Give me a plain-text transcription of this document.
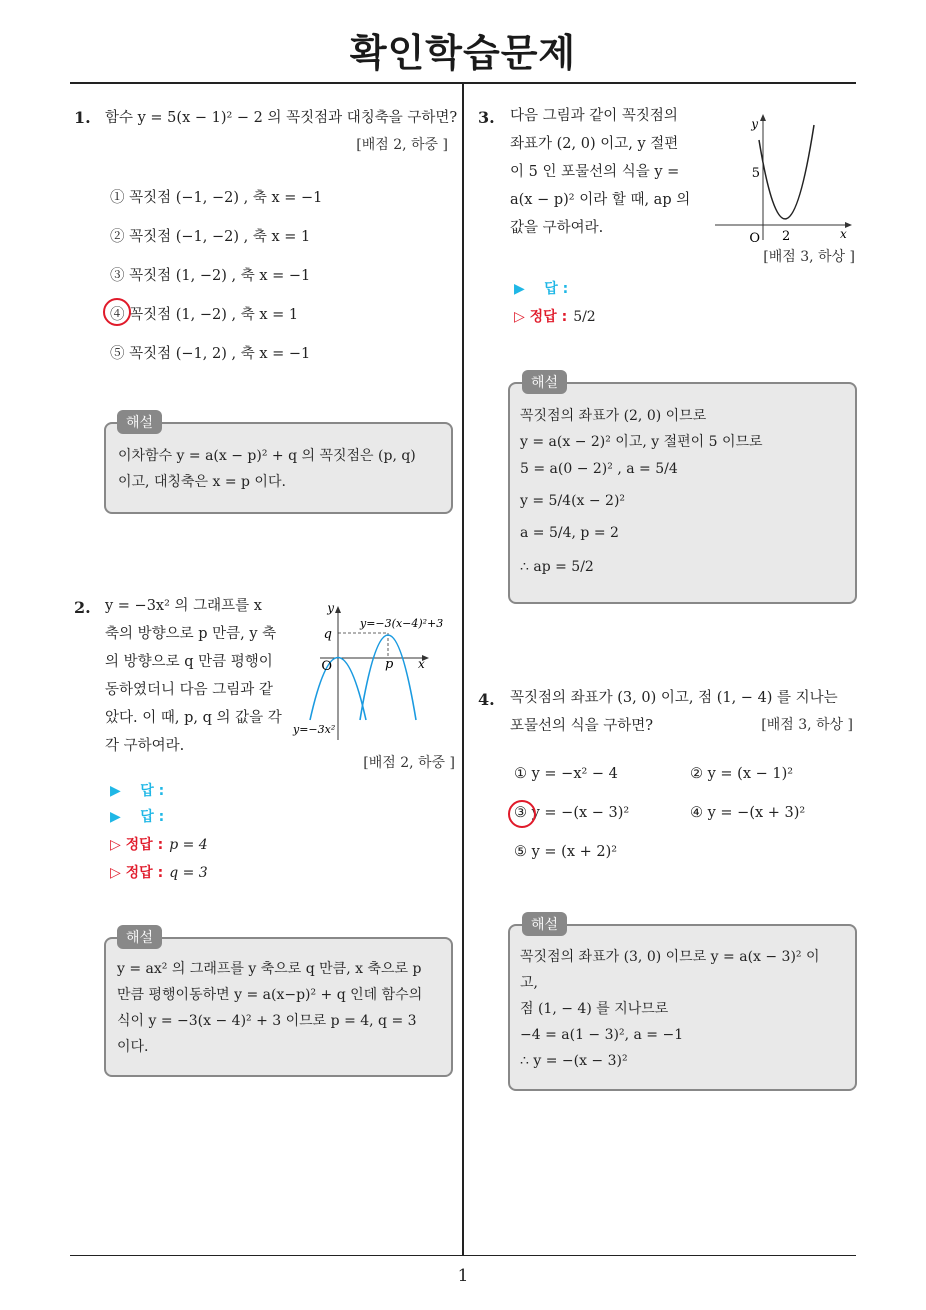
확인학습문제
1
1. 함수 y = 5(x − 1)² − 2 의 꼭짓점과 대칭축을 구하면?
[배점 2, 하중 ]
① 꼭짓점 (−1, −2) , 축 x = −1
② 꼭짓점 (−1, −2) , 축 x = 1
③ 꼭짓점 (1, −2) , 축 x = −1
④ 꼭짓점 (1, −2) , 축 x = 1
⑤ 꼭짓점 (−1, 2) , 축 x = −1
해설
이차함수 y = a(x − p)² + q 의 꼭짓점은 (p, q)
이고, 대칭축은 x = p 이다.
2. y = −3x² 의 그래프를 x
축의 방향으로 p 만큼, y 축
의 방향으로 q 만큼 평행이
동하였더니 다음 그림과 같
았다. 이 때, p, q 의 값을 각
각 구하여라.
y
x
q
O	p
y=−3(x−4)²+3
y=−3x²
[배점 2, 하중 ]
▶ 답 :
▶ 답 :
▷ 정답 : p = 4
▷ 정답 : q = 3
해설
y = ax² 의 그래프를 y 축으로 q 만큼, x 축으로 p
만큼 평행이동하면 y = a(x−p)² + q 인데 함수의
식이 y = −3(x − 4)² + 3 이므로 p = 4, q = 3
이다.
3. 다음 그림과 같이 꼭짓점의
좌표가 (2, 0) 이고, y 절편
이 5 인 포물선의 식을 y =
a(x − p)² 이라 할 때, ap 의
값을 구하여라.
y
x
5
O 2
[배점 3, 하상 ]
▶ 답 :
▷ 정답 : 5/2
해설
꼭짓점의 좌표가 (2, 0) 이므로
y = a(x − 2)² 이고, y 절편이 5 이므로
5 = a(0 − 2)² , a = 5/4
y = 5/4(x − 2)²
a = 5/4, p = 2
∴ ap = 5/2
4. 꼭짓점의 좌표가 (3, 0) 이고, 점 (1, − 4) 를 지나는
포물선의 식을 구하면?	[배점 3, 하상 ]
① y = −x² − 4	② y = (x − 1)²
③ y = −(x − 3)²	④ y = −(x + 3)²
⑤ y = (x + 2)²
해설
꼭짓점의 좌표가 (3, 0) 이므로 y = a(x − 3)² 이
고,
점 (1, − 4) 를 지나므로
−4 = a(1 − 3)², a = −1
∴ y = −(x − 3)²
